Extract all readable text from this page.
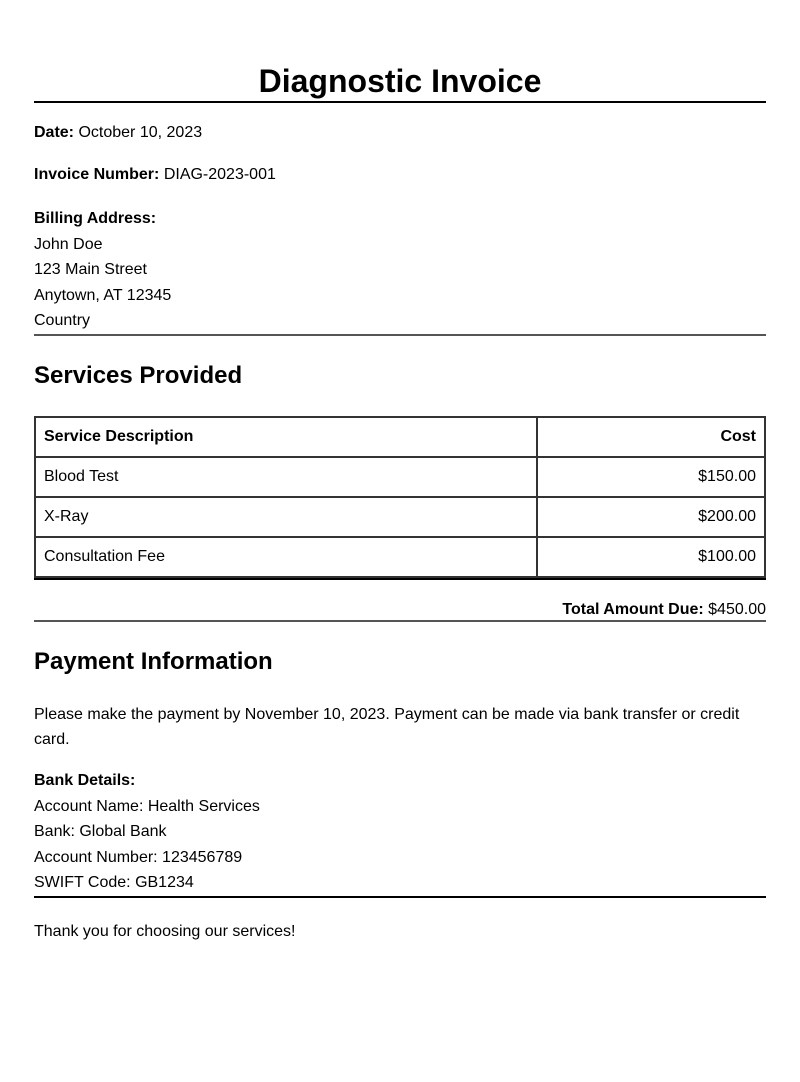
Diagnostic Invoice
Date: October 10, 2023
Invoice Number: DIAG-2023-001
Billing Address:
John Doe
123 Main Street
Anytown, AT 12345
Country
Services Provided
Service Description	Cost
Blood Test	$150.00
X-Ray	$200.00
Consultation Fee	$100.00
Total Amount Due: $450.00
Payment Information
Please make the payment by November 10, 2023. Payment can be made via bank transfer or credit card.
Bank Details:
Account Name: Health Services
Bank: Global Bank
Account Number: 123456789
SWIFT Code: GB1234
Thank you for choosing our services!
